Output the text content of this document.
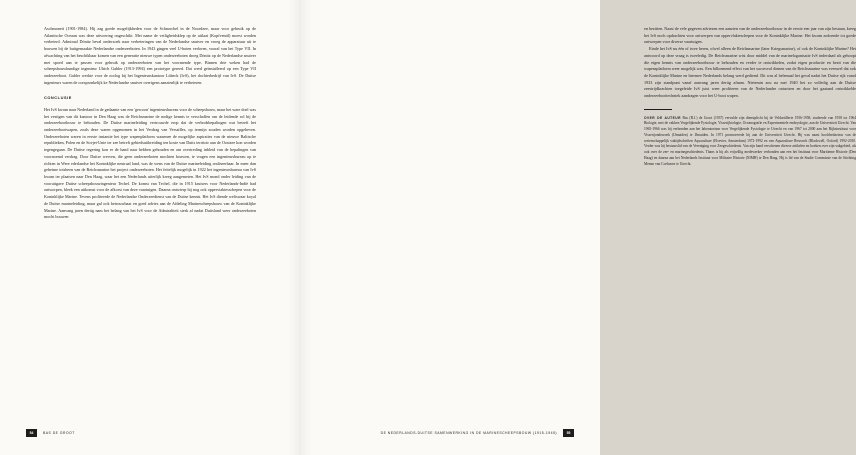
Aschmoneit (1901-1984). Hij zag goede mogelijkheden voor de Schnorchel in de Noordzee, maar voor gebruik op de Atlantische Oceaan was deze uitvoering ongeschikt. Met name de veiligheidsklep op de uitlaat (Kopfventil) moest worden verbeterd. Admiraal Dönitz beval onderzoek naar verbeteringen van de Nederlandse snuiver en vroeg de apparatuur uit te bouwen bij de buitgemaakte Nederlandse onderzeeboten. In 1943 gingen veel U-boten verloren, vooral van het Type VII. In afwachting van het beschikbaar komen van een generatie nieuwe typen onderzeeboten droeg Dönitz op de Nederlandse snuiver met spoed aan te passen voor gebruik op onderzeeboten van het voormende type. Binnen drie weken had de scheepsbouwkundige ingenieur Ulrich Gabler (1913-1994) een prototype gereed. Dat werd geïnstalleerd op een Type VII onderzeeboot. Gabler werkte voor de oorlog bij het Ingenieurskantoor Lübeck (IvS), het dochterbedrijf van IvS. De Duitse ingenieurs waren de oorspronkelijk ke Nederlandse snuiver overigens aanzienlijk te verbeteren.

CONCLUSIE

Het IvS kwam naar Nederland in de gedaante van een 'gewoon' ingenieursbureau voor de scheepsbouw, maar het ware doel was het vestigen van dit kantoor in Den Haag was de Reichsmarine de nodige kennis te verschaffen om de leidende rol bij de onderzeebootbouw te behouden. De Duitse marineleiding vertrouwde erop dat de verbodsbepalingen wat betreft het onderzeebootwapen, zoals deze waren opgenomen in het Verdrag van Versailles, op termijn zouden worden opgeheven. Onderzeeboten waren in eerste instantie het type wapenplatform waarmee de mogelijke aspiraties van de nieuwe Baltische republieken, Polen en de Sovjet-Unie ter zee betreft gebiedsuitbreiding ten koste van Duits territoir aan de Oostzee kon worden tegengegaan. De Duitse regering kon er de hand naar hebben gehouden en om overtreding inbleid van de bepalingen van voornoemd verdrag. Door Duitse werven, die geen onderzeeboten mochten bouwen, te vragen een ingenieursbureau op te richten in Were ederlandse het Koninklijke neutraal land, was de wens van de Duitse marineleiding realiseerbaar. In meer dan geheime totsbeen van de Reichsmarine het project onderzeeboten. Het feitelijk mogelijk in 1922 het ingenieursbureau van IvS kwam ter plaatsen naar Den Haag, waar het een Nederlands uiterlijk kreeg aangemeten. Het IvS mond onder leiding van de vooruitgave Duitse scheepsbouwingenieur Techel. De komst van Techel, die in 1915 kruisers voor Nederlands-Indië had ontworpen, bleek een uitkomst voor de afkorst van deze vaartuigen. Daarna ontwierp hij nog ook opperviaktesschepen voor de Koninklijke Marine. Tevens profiteerde de Nederlandse Onderzeedienst van de Duitse kennis. Het IvS diende weliswaar koyal de Duitse marineleiding, maar gaf ook betrouwbaar en goed advies aan de Afdeling Marinescheepsbouw van de Koninklijke Marine. Aanvang jaren dertig nam het belang van het IvS voor de Admiraliteit sterk af nadat Duitsland weer onderzeeboten mocht bouwen

54	BAS DE GROOT

en bezitten. Naast de vele gegeven adviezen een aanzien van de onderzeebootbouw in de eerste een jaar van zijn bestaan, kreeg het IvS noch opdrachten voor ontwerpen van oppervlakteschepen voor de Koninklijke Marine. Het kwam zodoende tot goede ontwerpen voor diverse vaartuigen.

Einde het IvS nu één of twee heren, ofwel alleen de Reichsmarine (later Kriegsmarine), of ook de Koninklijke Marine? Het antwoord op deze vraag is tweeledig. De Reichsmarine wist door middel van de marineloganisatie IvS inderdaad als gehoopt die eigen kennis van onderzeebootbouw te behouden en verder te ontwikkelen, zodat eigen productie en bezit van die wapensplatform weer mogelijk was. Een billoemend effect van het succesvol dienen van de Reichsmarine was evenwel dat ook de Koninklijke Marine en hiermee Nederlands belang werd gediend. Dit was al helemaal het geval nadat het Duitse rijk vanaf 1933 zijn standpunt vanaf aanvang jaren dertig afnam. Nietemin zou na mei 1940 het zo volledig aan de Duitse zeestrijdkrachten toegeleide IvS juist weer profiteren van de Nederlandse ontactsen en door het gaatand ontwikkelde onderzeeboottechniek aandragen voor het U-boot wapen.

OVER DE AUTEUR Bas (B.J.) de Groot (1937) vervulde zijn dienstplicht bij de Veldartillerie 1956-1958, studeerde van 1958 tot 1964 Biologie, met de vakken Vergelijkende Fysiologie, Visserijbiologie, Oceanografie en Experimentele embryologie, aan de Universiteit Utrecht. Van 1965-1966 was hij verbonden aan het laboratorium voor Vergelijkende Fysiologie te Utrecht en van 1967 tot 2000 aan het Rijksinstituut voor Visserijonderzoek (IJmuiden) te IJmuiden. In 1971 promoveerde hij aan de Universiteit Utrecht. Hij was naast hoofdredacteur van de wetenschappelijk vaktijdschriften Aquaculture (Elsevier, Amsterdam) 1972-1992 en van Aquaculture Research (Blackwell, Oxford) 1992-2010. Verder was hij bestuurslid van de Vereniging voor Zeegeschiedenis. Van zijn hand verschenen diverse artikelen en boeken over zijn vakgebied, als ook over de zee- en marinegeschiedenis. Thans is hij als vrijwillig medewerker verbonden aan een het Instituut voor Maritieme Historie (Den Haag) en daarna aan het Nederlands Instituut voor Militaire Historie (NIMH) te Den Haag. Hij is lid van de Studie Commissie van de Stichting Menno van Coehoorn te Utrecht.
DE NEDERLANDS-DUITSE SAMENWERKING IN DE MARINESCHEEPSBOUW (1915-1945)	55
